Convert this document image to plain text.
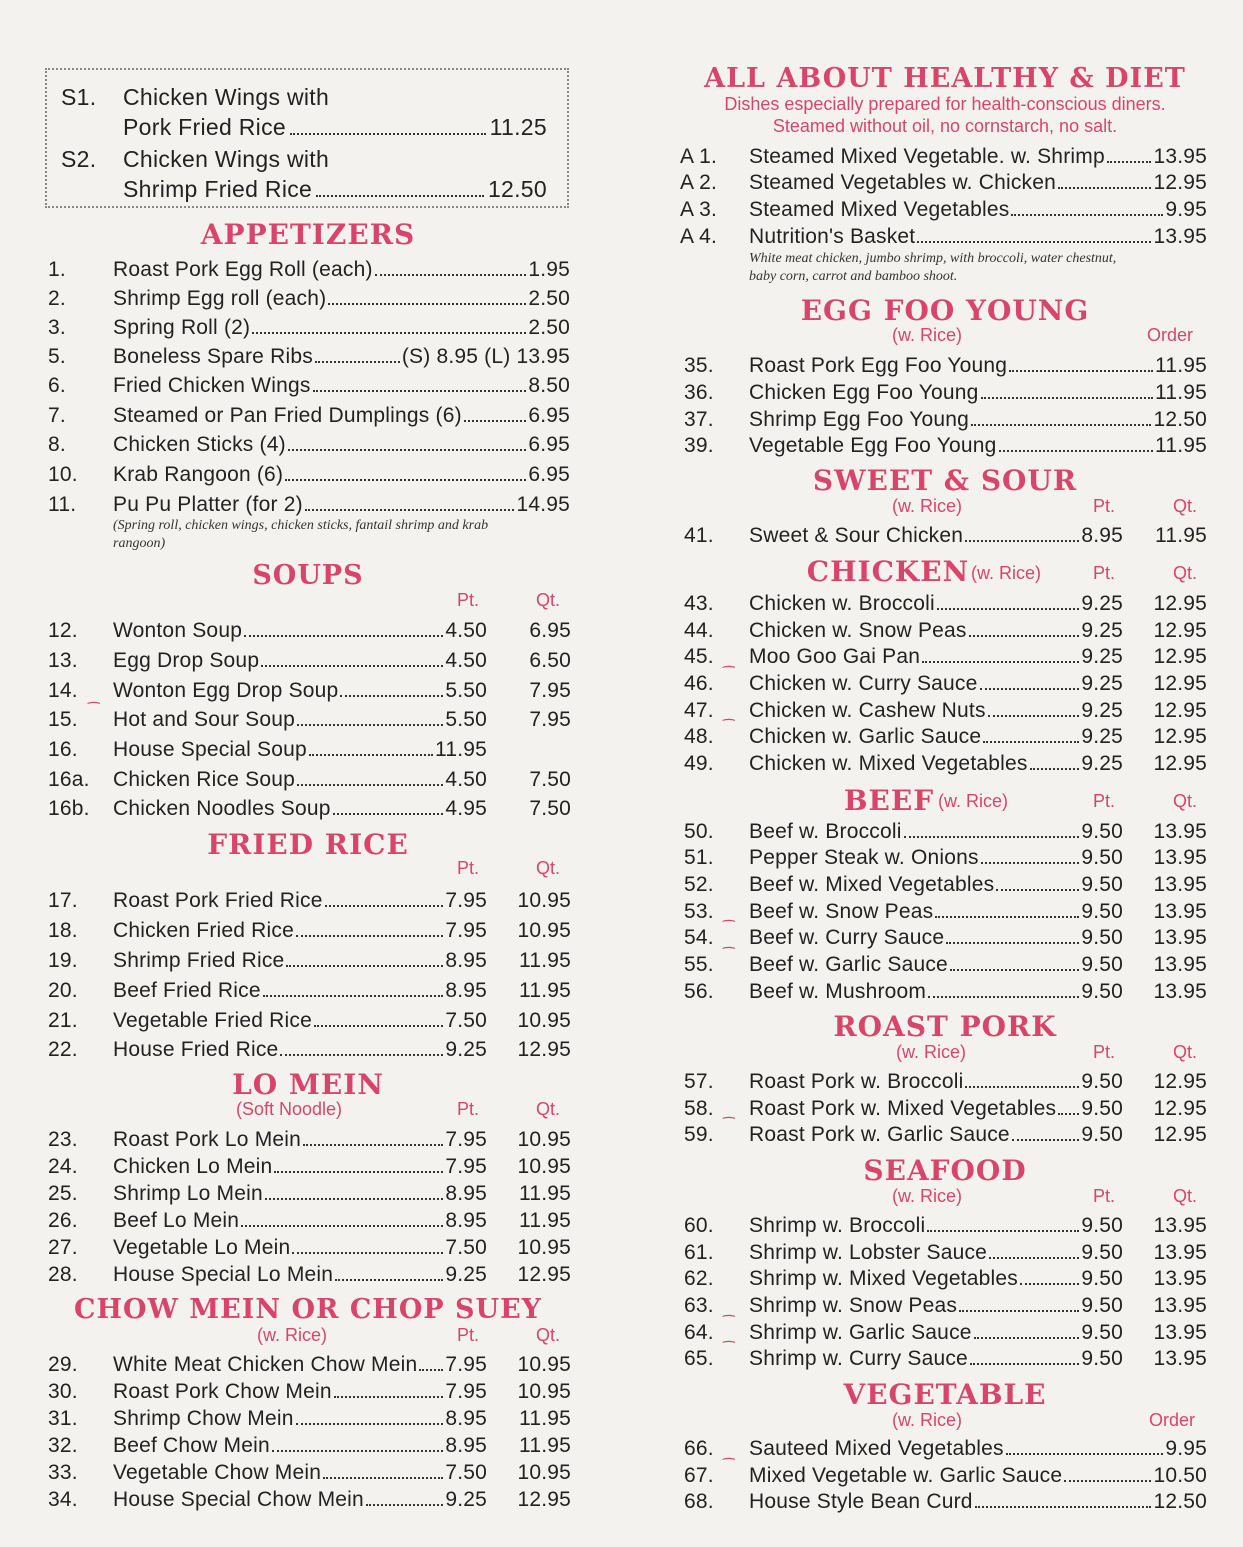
S1. Chicken Wings with
Pork Fried Rice	11.25
S2. Chicken Wings with
Shrimp Fried Rice	12.50
APPETIZERS
1. Roast Pork Egg Roll (each)	1.95
2. Shrimp Egg roll (each)	2.50
3. Spring Roll (2)	2.50
5. Boneless Spare Ribs	(S) 8.95 (L) 13.95
6. Fried Chicken Wings	8.50
7. Steamed or Pan Fried Dumplings (6)	6.95
8. Chicken Sticks (4)	6.95
10. Krab Rangoon (6)	6.95
11. Pu Pu Platter (for 2)	14.95
(Spring roll, chicken wings, chicken sticks, fantail shrimp and krab rangoon)
SOUPS
Pt.	Qt.
12. Wonton Soup	4.50 6.95
13. Egg Drop Soup	4.50 6.50
14. Wonton Egg Drop Soup	5.50 7.95
15. Hot and Sour Soup	5.50 7.95
16. House Special Soup	11.95
16a. Chicken Rice Soup	4.50 7.50
16b. Chicken Noodles Soup	4.95 7.50
⁀
FRIED RICE
Pt.	Qt.
17. Roast Pork Fried Rice	7.95 10.95
18. Chicken Fried Rice	7.95 10.95
19. Shrimp Fried Rice	8.95 11.95
20. Beef Fried Rice	8.95 11.95
21. Vegetable Fried Rice	7.50 10.95
22. House Fried Rice	9.25 12.95
LO MEIN
(Soft Noodle)	Pt.	Qt.
23. Roast Pork Lo Mein	7.95 10.95
24. Chicken Lo Mein	7.95 10.95
25. Shrimp Lo Mein	8.95 11.95
26. Beef Lo Mein	8.95 11.95
27. Vegetable Lo Mein	7.50 10.95
28. House Special Lo Mein	9.25 12.95
CHOW MEIN OR CHOP SUEY
(w. Rice)	Pt.	Qt.
29. White Meat Chicken Chow Mein 7.95 10.95
30. Roast Pork Chow Mein	7.95 10.95
31. Shrimp Chow Mein	8.95 11.95
32. Beef Chow Mein	8.95 11.95
33. Vegetable Chow Mein	7.50 10.95
34. House Special Chow Mein	9.25 12.95
ALL ABOUT HEALTHY & DIET
Dishes especially prepared for health-conscious diners.
Steamed without oil, no cornstarch, no salt.
A 1. Steamed Mixed Vegetable. w. Shrimp 13.95
A 2. Steamed Vegetables w. Chicken	12.95
A 3. Steamed Mixed Vegetables	9.95
A 4. Nutrition's Basket	13.95
White meat chicken, jumbo shrimp, with broccoli, water chestnut, baby corn, carrot and bamboo shoot.
EGG FOO YOUNG
(w. Rice)	Order
35. Roast Pork Egg Foo Young	11.95
36. Chicken Egg Foo Young	11.95
37. Shrimp Egg Foo Young	12.50
39. Vegetable Egg Foo Young	11.95
SWEET & SOUR
(w. Rice)	Pt.	Qt.
41. Sweet & Sour Chicken	8.95 11.95
CHICKEN (w. Rice)	Pt.	Qt.
43. Chicken w. Broccoli	9.25 12.95
44. Chicken w. Snow Peas	9.25 12.95
45. Moo Goo Gai Pan	9.25 12.95
46. Chicken w. Curry Sauce	9.25 12.95
47. Chicken w. Cashew Nuts	9.25 12.95
48. Chicken w. Garlic Sauce	9.25 12.95
49. Chicken w. Mixed Vegetables	9.25 12.95
⁀
⁀
BEEF (w. Rice)	Pt.	Qt.
50. Beef w. Broccoli	9.50 13.95
51. Pepper Steak w. Onions	9.50 13.95
52. Beef w. Mixed Vegetables	9.50 13.95
53. Beef w. Snow Peas	9.50 13.95
54. Beef w. Curry Sauce	9.50 13.95
55. Beef w. Garlic Sauce	9.50 13.95
56. Beef w. Mushroom	9.50 13.95
⁀
⁀
ROAST PORK
(w. Rice)	Pt.	Qt.
57. Roast Pork w. Broccoli	9.50 12.95
58. Roast Pork w. Mixed Vegetables 9.50 12.95
59. Roast Pork w. Garlic Sauce	9.50 12.95
⁀
SEAFOOD
(w. Rice)	Pt.	Qt.
60. Shrimp w. Broccoli	9.50 13.95
61. Shrimp w. Lobster Sauce	9.50 13.95
62. Shrimp w. Mixed Vegetables	9.50 13.95
63. Shrimp w. Snow Peas	9.50 13.95
64. Shrimp w. Garlic Sauce	9.50 13.95
65. Shrimp w. Curry Sauce	9.50 13.95
⁀
⁀
VEGETABLE
(w. Rice)	Order
66. Sauteed Mixed Vegetables	9.95
67. Mixed Vegetable w. Garlic Sauce	10.50
68. House Style Bean Curd	12.50
⁀
